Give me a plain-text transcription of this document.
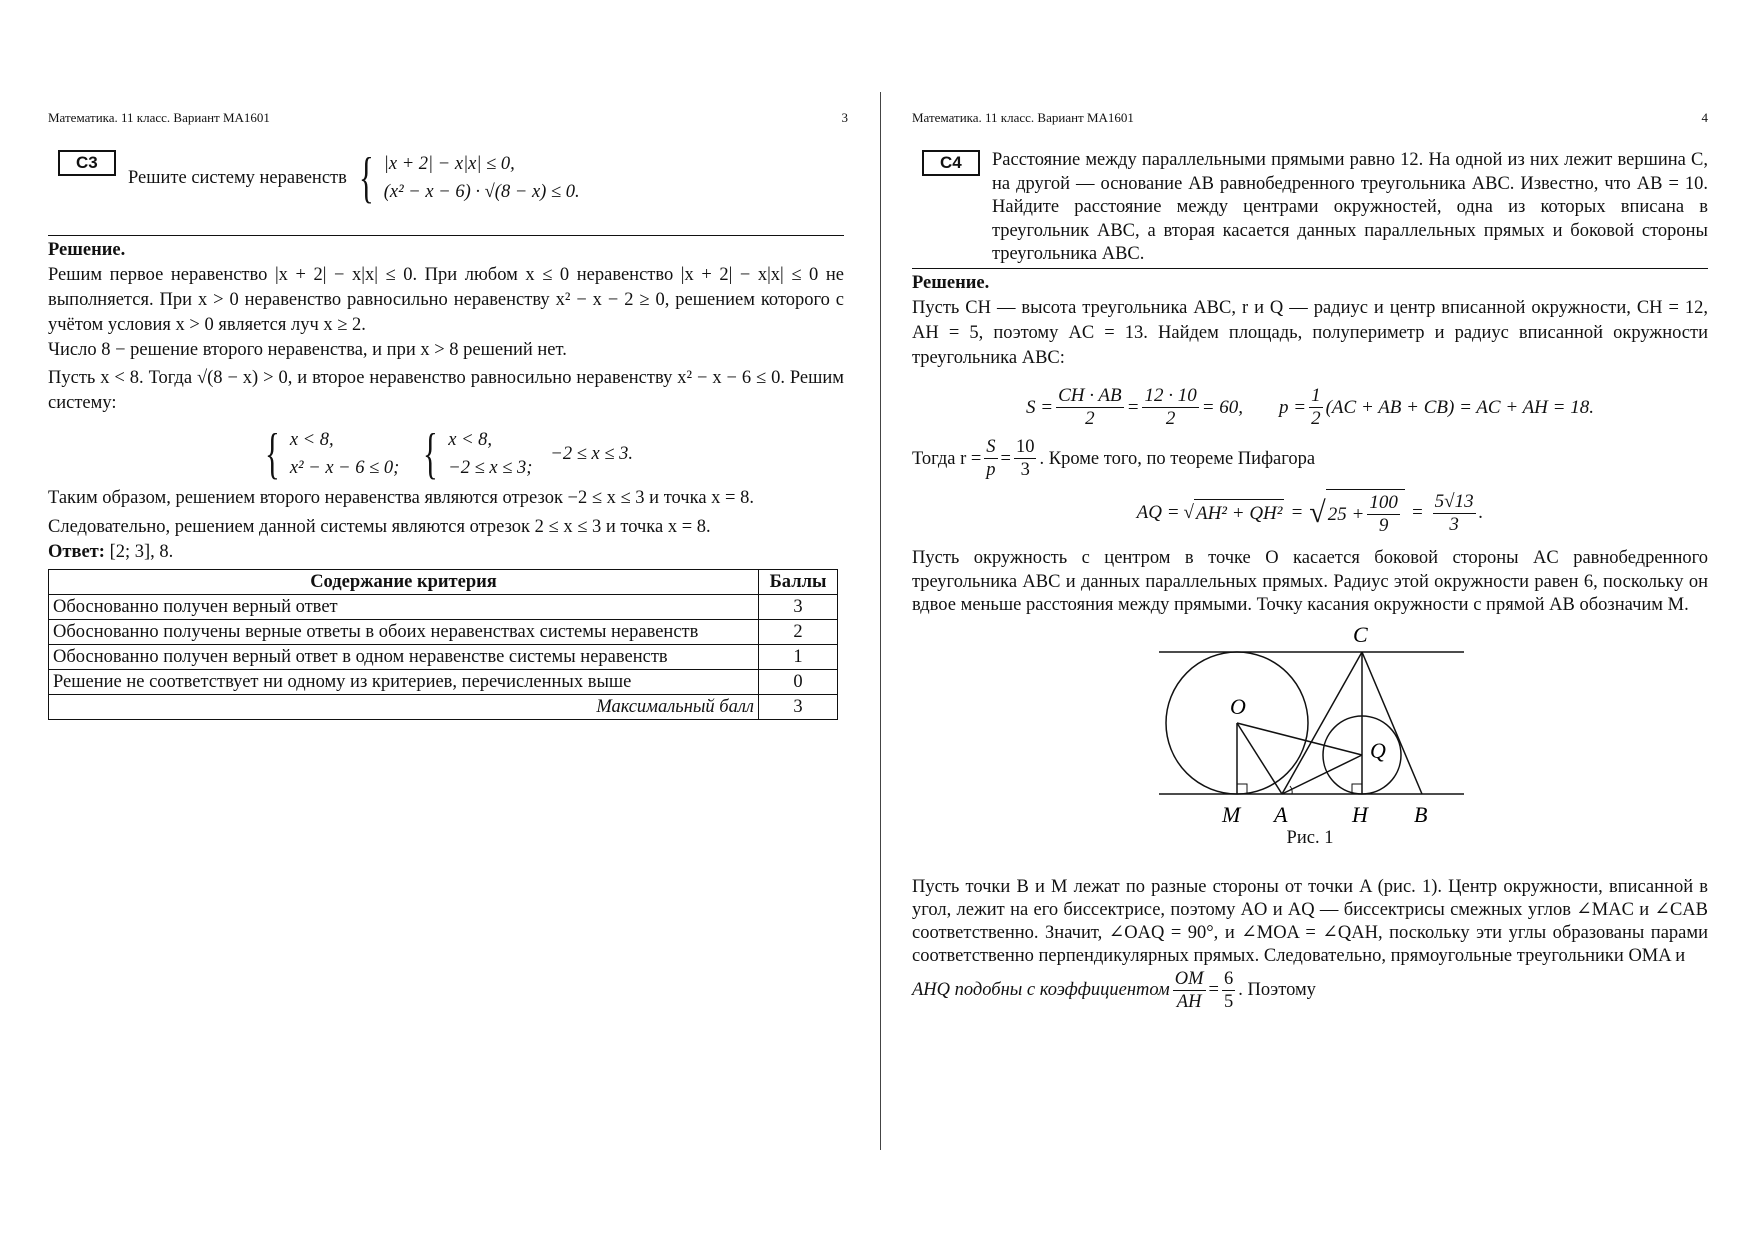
Математика. 11 класс. Вариант МА1601	3
C3
Решите систему неравенств { |x + 2| − x|x| ≤ 0,
(x² − x − 6) · √(8 − x) ≤ 0.

Решение.

Решим первое неравенство |x + 2| − x|x| ≤ 0. При любом x ≤ 0 неравенство |x + 2| − x|x| ≤ 0 не выполняется. При x > 0 неравенство равносильно неравенству x² − x − 2 ≥ 0, решением которого с учётом условия x > 0 является луч x ≥ 2.

Число 8 − решение второго неравенства, и при x > 8 решений нет.

Пусть x < 8. Тогда √(8 − x) > 0, и второе неравенство равносильно неравенству x² − x − 6 ≤ 0. Решим систему:

{ x < 8,
x² − x − 6 ≤ 0; { x < 8,
−2 ≤ x ≤ 3;
−2 ≤ x ≤ 3.

Таким образом, решением второго неравенства являются отрезок −2 ≤ x ≤ 3 и точка x = 8.

Следовательно, решением данной системы являются отрезок 2 ≤ x ≤ 3 и точка x = 8.

Ответ: [2; 3], 8.

Содержание критерия	Баллы
Обоснованно получен верный ответ	3
Обоснованно получены верные ответы в обоих неравенствах системы неравенств	2
Обоснованно получен верный ответ в одном неравенстве системы неравенств	1
Решение не соответствует ни одному из критериев, перечисленных выше	0
Максимальный балл	3
Математика. 11 класс. Вариант МА1601	4
C4	Расстояние между параллельными прямыми равно 12. На одной из них лежит вершина C, на другой — основание AB равнобедренного треугольника ABC. Известно, что AB = 10. Найдите расстояние между центрами окружностей, одна из которых вписана в треугольник ABC, а вторая касается данных параллельных прямых и боковой стороны треугольника ABC.

Решение.

Пусть CH — высота треугольника ABC, r и Q — радиус и центр вписанной окружности, CH = 12, AH = 5, поэтому AC = 13. Найдем площадь, полупериметр и радиус вписанной окружности треугольника ABC:

$S = \frac{CH \cdot AB}{2} = \frac{12 \cdot 10}{2} = 60$, $p = \frac{1}{2} (AC$ + AB + CB) = AC + AH = 18.
Тогда $r = \frac{S}{p} = \frac{10}{3}$ . Кроме того, по теореме Пифагора
AQ = √ AH² + QH² = √ $25 + \frac{100}{9} = \frac{5√13}{3}$ .

Пусть окружность с центром в точке O касается боковой стороны AC равнобедренного треугольника ABC и данных параллельных прямых. Радиус этой окружности равен 6, поскольку он вдвое меньше расстояния между прямыми. Точку касания окружности с прямой AB обозначим M.

C
O
Q
M A	H B
Рис. 1

Пусть точки B и M лежат по разные стороны от точки A (рис. 1). Центр окружности, вписанной в угол, лежит на его биссектрисе, поэтому AO и AQ — биссектрисы смежных углов ∠MAC и ∠CAB соответственно. Значит, ∠OAQ = 90°, и ∠MOA = ∠QAH, поскольку эти углы образованы парами соответственно перпендикулярных прямых. Следовательно, прямоугольные треугольники OMA и

AHQ подобны с коэффициентом $\frac{OM}{AH} = \frac{6}{5}$ . Поэтому
